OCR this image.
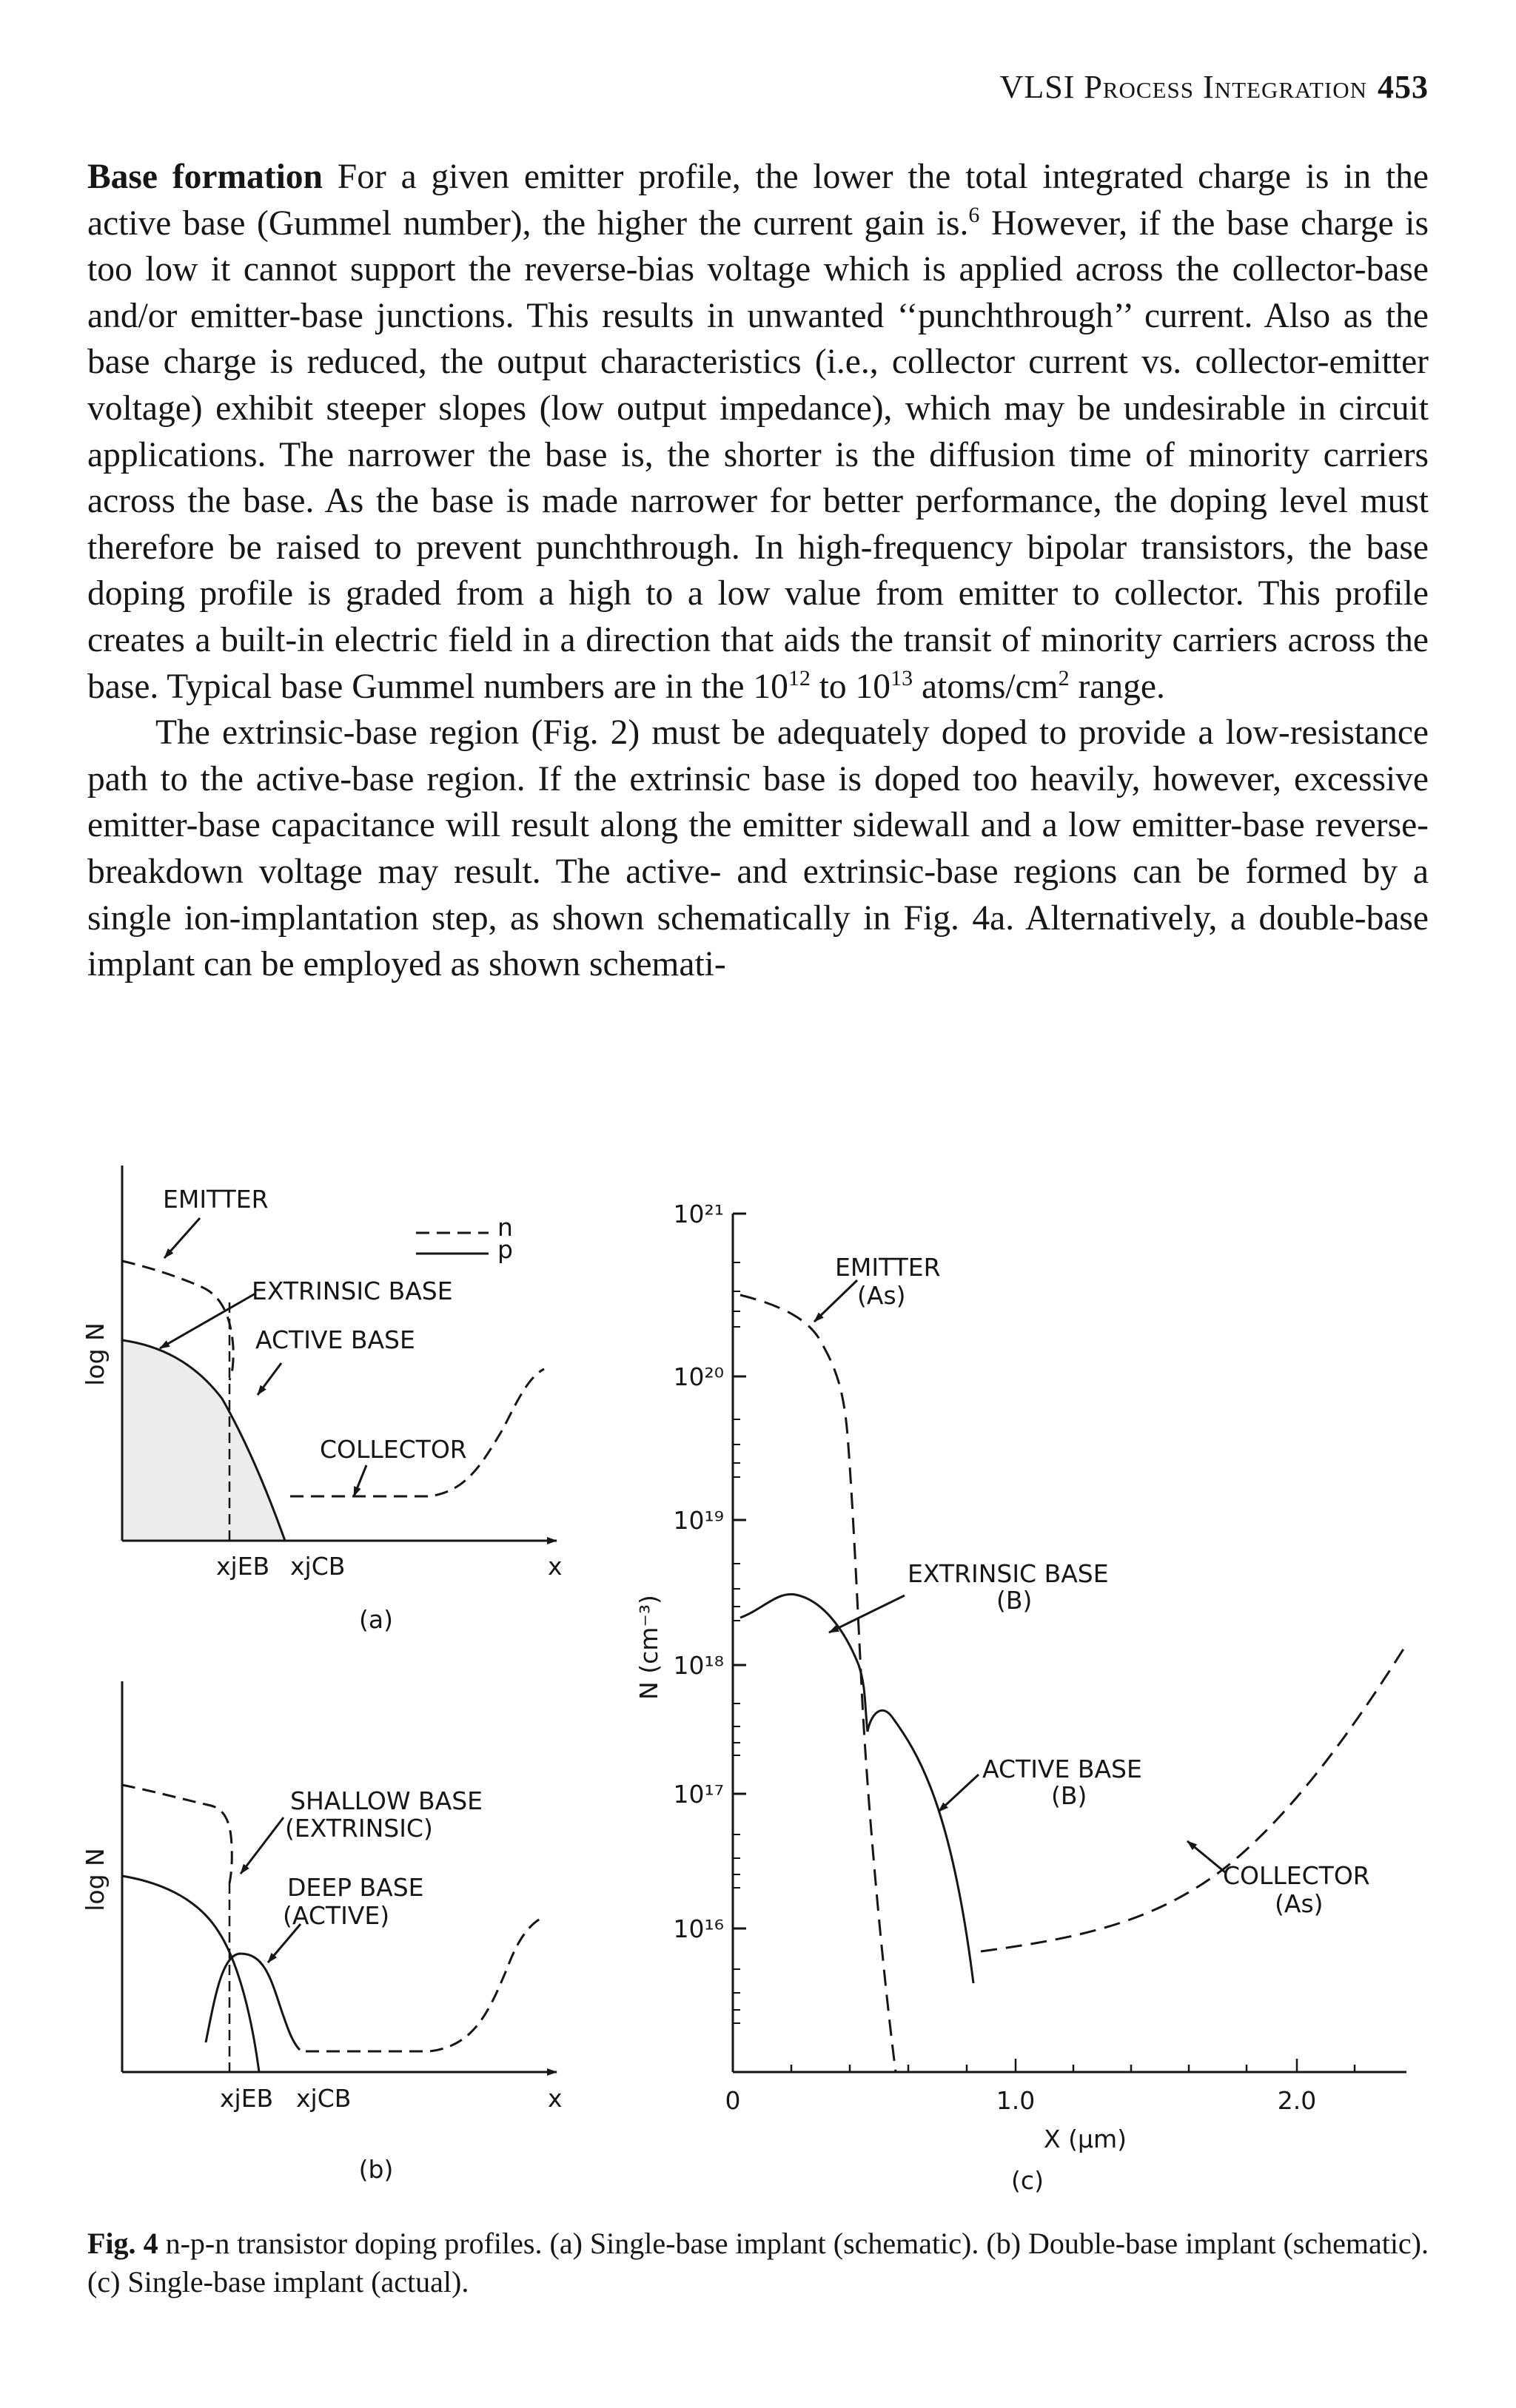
VLSI Process Integration 453

Base formation For a given emitter profile, the lower the total integrated charge is in the active base (Gummel number), the higher the current gain is.$^6$ However, if the base charge is too low it cannot support the reverse-bias voltage which is applied across the collector-base and/or emitter-base junctions. This results in unwanted ‘‘punchthrough’’ current. Also as the base charge is reduced, the output characteristics (i.e., collector current vs. collector-emitter voltage) exhibit steeper slopes (low output impedance), which may be undesirable in circuit applications. The narrower the base is, the shorter is the diffusion time of minority carriers across the base. As the base is made narrower for better performance, the doping level must therefore be raised to prevent punchthrough. In high-frequency bipolar transistors, the base doping profile is graded from a high to a low value from emitter to collector. This profile creates a built-in electric field in a direction that aids the transit of minority carriers across the base. Typical base Gummel numbers are in the $10^{12}$ to $10^{13}$ atoms/$cm^2$ range.

The extrinsic-base region (Fig. 2) must be adequately doped to provide a low-resistance path to the active-base region. If the extrinsic base is doped too heavily, however, excessive emitter-base capacitance will result along the emitter sidewall and a low emitter-base reverse-breakdown voltage may result. The active- and extrinsic-base regions can be formed by a single ion-implantation step, as shown schematically in Fig. 4a. Alternatively, a double-base implant can be employed as shown schemati-

log N
EMITTER
n
p
EXTRINSIC BASE
ACTIVE BASE
COLLECTOR
xjEB xjCB	x
(a)
log N
SHALLOW BASE
(EXTRINSIC)
DEEP BASE
(ACTIVE)
xjEB xjCB	x
(b)
10²¹
10²⁰
10¹⁹
10¹⁸
10¹⁷
10¹⁶
N (cm⁻³)
0	1.0	2.0
X (μm)
EMITTER
(As)
EXTRINSIC BASE
(B)
ACTIVE BASE
(B)
COLLECTOR
(As)
(c)
Fig. 4 n-p-n transistor doping profiles. (a) Single-base implant (schematic). (b) Double-base implant (schematic). (c) Single-base implant (actual).
